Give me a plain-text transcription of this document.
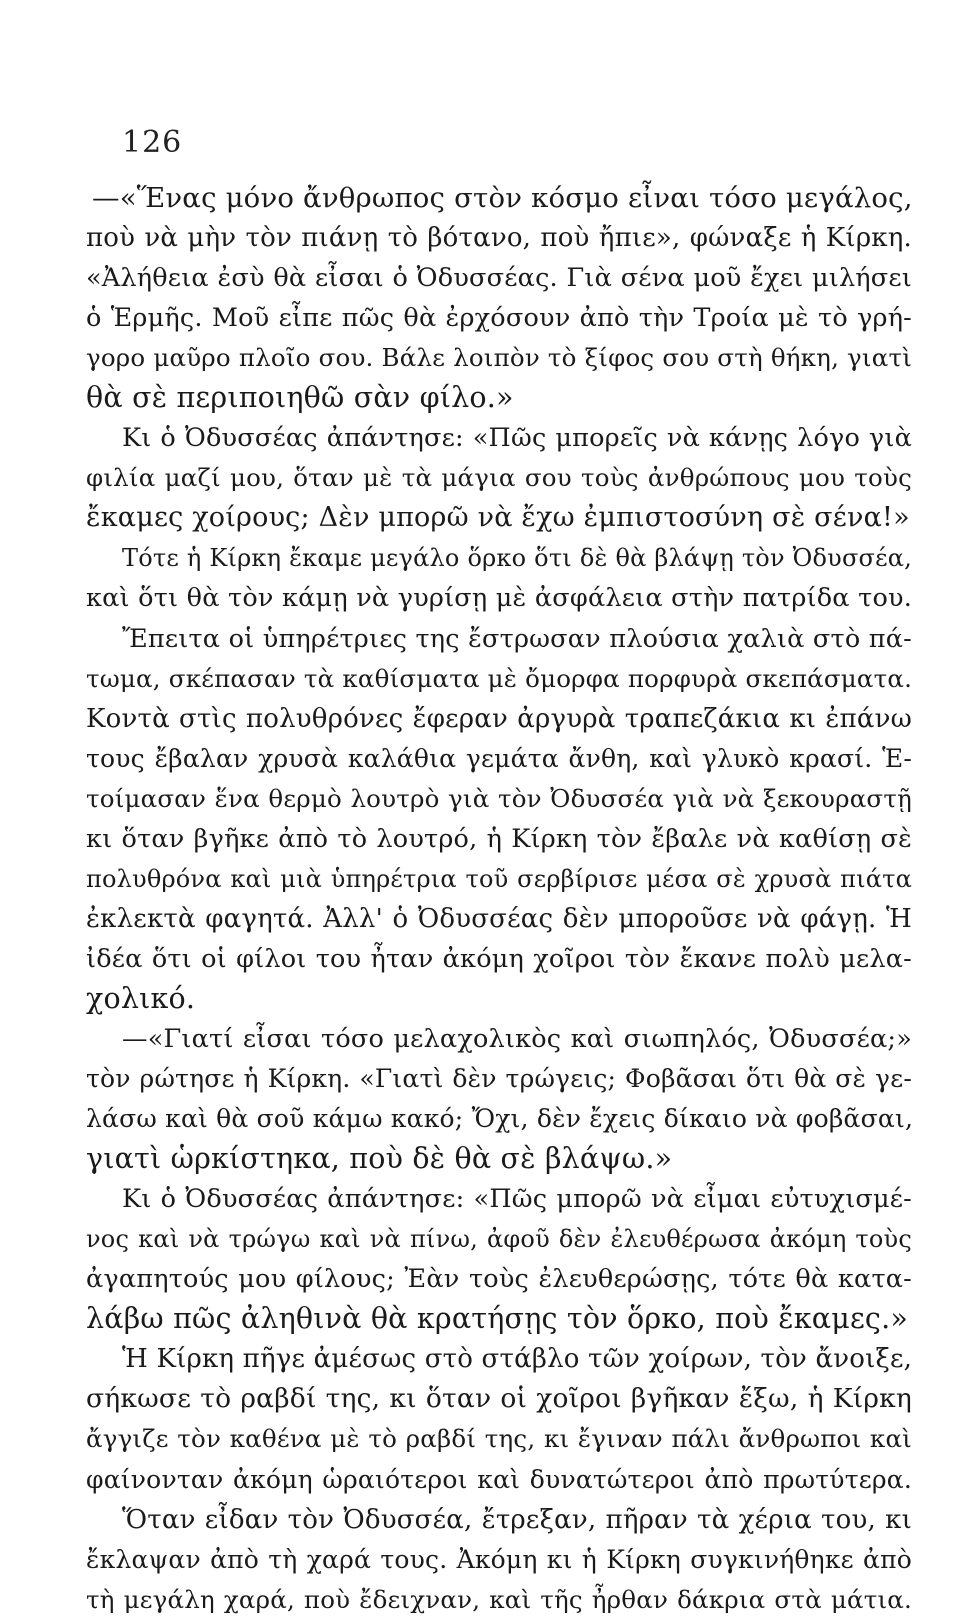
126
—«Ἕνας μόνο ἄνθρωπος στὸν κόσμο εἶναι τόσο μεγάλος,
ποὺ νὰ μὴν τὸν πιάνῃ τὸ βότανο, ποὺ ἤπιε», φώναξε ἡ Κίρκη.
«Ἀλήθεια ἐσὺ θὰ εἶσαι ὁ Ὀδυσσέας. Γιὰ σένα μοῦ ἔχει μιλήσει
ὁ Ἑρμῆς. Μοῦ εἶπε πῶς θὰ ἐρχόσουν ἀπὸ τὴν Τροία μὲ τὸ γρή-
γορο μαῦρο πλοῖο σου. Βάλε λοιπὸν τὸ ξίφος σου στὴ θήκη, γιατὶ
θὰ σὲ περιποιηθῶ σὰν φίλο.»
Κι ὁ Ὀδυσσέας ἀπάντησε: «Πῶς μπορεῖς νὰ κάνῃς λόγο γιὰ
φιλία μαζί μου, ὅταν μὲ τὰ μάγια σου τοὺς ἀνθρώπους μου τοὺς
ἔκαμες χοίρους; Δὲν μπορῶ νὰ ἔχω ἐμπιστοσύνη σὲ σένα!»
Τότε ἡ Κίρκη ἔκαμε μεγάλο ὅρκο ὅτι δὲ θὰ βλάψῃ τὸν Ὀδυσσέα,
καὶ ὅτι θὰ τὸν κάμῃ νὰ γυρίσῃ μὲ ἀσφάλεια στὴν πατρίδα του.
Ἔπειτα οἱ ὑπηρέτριες της ἔστρωσαν πλούσια χαλιὰ στὸ πά-
τωμα, σκέπασαν τὰ καθίσματα μὲ ὄμορφα πορφυρὰ σκεπάσματα.
Κοντὰ στὶς πολυθρόνες ἔφεραν ἀργυρὰ τραπεζάκια κι ἐπάνω
τους ἔβαλαν χρυσὰ καλάθια γεμάτα ἄνθη, καὶ γλυκὸ κρασί. Ἑ-
τοίμασαν ἕνα θερμὸ λουτρὸ γιὰ τὸν Ὀδυσσέα γιὰ νὰ ξεκουραστῇ
κι ὅταν βγῆκε ἀπὸ τὸ λουτρό, ἡ Κίρκη τὸν ἔβαλε νὰ καθίσῃ σὲ
πολυθρόνα καὶ μιὰ ὑπηρέτρια τοῦ σερβίρισε μέσα σὲ χρυσὰ πιάτα
ἐκλεκτὰ φαγητά. Ἀλλ' ὁ Ὀδυσσέας δὲν μποροῦσε νὰ φάγῃ. Ἡ
ἰδέα ὅτι οἱ φίλοι του ἦταν ἀκόμη χοῖροι τὸν ἔκανε πολὺ μελα-
χολικό.
—«Γιατί εἶσαι τόσο μελαχολικὸς καὶ σιωπηλός, Ὀδυσσέα;»
τὸν ρώτησε ἡ Κίρκη. «Γιατὶ δὲν τρώγεις; Φοβᾶσαι ὅτι θὰ σὲ γε-
λάσω καὶ θὰ σοῦ κάμω κακό; Ὄχι, δὲν ἔχεις δίκαιο νὰ φοβᾶσαι,
γιατὶ ὡρκίστηκα, ποὺ δὲ θὰ σὲ βλάψω.»
Κι ὁ Ὀδυσσέας ἀπάντησε: «Πῶς μπορῶ νὰ εἶμαι εὐτυχισμέ-
νος καὶ νὰ τρώγω καὶ νὰ πίνω, ἀφοῦ δὲν ἐλευθέρωσα ἀκόμη τοὺς
ἀγαπητούς μου φίλους; Ἐὰν τοὺς ἐλευθερώσῃς, τότε θὰ κατα-
λάβω πῶς ἀληθινὰ θὰ κρατήσῃς τὸν ὅρκο, ποὺ ἔκαμες.»
Ἡ Κίρκη πῆγε ἀμέσως στὸ στάβλο τῶν χοίρων, τὸν ἄνοιξε,
σήκωσε τὸ ραβδί της, κι ὅταν οἱ χοῖροι βγῆκαν ἔξω, ἡ Κίρκη
ἄγγιζε τὸν καθένα μὲ τὸ ραβδί της, κι ἔγιναν πάλι ἄνθρωποι καὶ
φαίνονταν ἀκόμη ὡραιότεροι καὶ δυνατώτεροι ἀπὸ πρωτύτερα.
Ὅταν εἶδαν τὸν Ὀδυσσέα, ἔτρεξαν, πῆραν τὰ χέρια του, κι
ἔκλαψαν ἀπὸ τὴ χαρά τους. Ἀκόμη κι ἡ Κίρκη συγκινήθηκε ἀπὸ
τὴ μεγάλη χαρά, ποὺ ἔδειχναν, καὶ τῆς ἦρθαν δάκρια στὰ μάτια.
